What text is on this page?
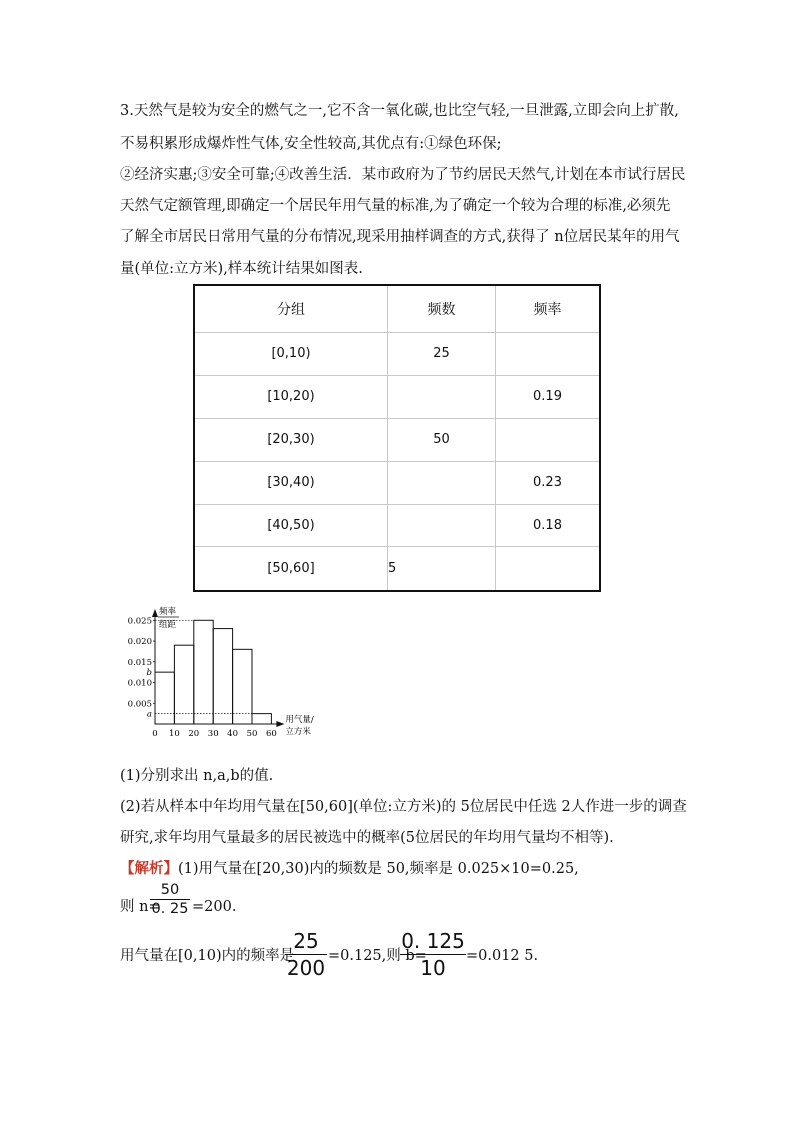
3.天然气是较为安全的燃气之一,它不含一氧化碳,也比空气轻,一旦泄露,立即会向上扩散,
不易积累形成爆炸性气体,安全性较高,其优点有:①绿色环保;
②经济实惠;③安全可靠;④改善生活．某市政府为了节约居民天然气,计划在本市试行居民
天然气定额管理,即确定一个居民年用气量的标准,为了确定一个较为合理的标准,必须先
了解全市居民日常用气量的分布情况,现采用抽样调查的方式,获得了 n位居民某年的用气
量(单位:立方米),样本统计结果如图表.
分组	频数	频率
[0,10)	25	
[10,20)		0.19
[20,30)	50	
[30,40)		0.23
[40,50)		0.18
[50,60]	5	
b
a
0.005
0.010
0.015
0.020
0.025
0 10 20 30 40 50 60
频率
组距
用气量/
立方米
(1)分别求出 n,a,b的值.
(2)若从样本中年均用气量在[50,60](单位:立方米)的 5位居民中任选 2人作进一步的调查
研究,求年均用气量最多的居民被选中的概率(5位居民的年均用气量均不相等).
【解析】(1)用气量在[20,30)内的频数是 50,频率是 0.025×10=0.25,
则 n=
50
0. 25 =200.
用气量在[0,10)内的频率是
25
200 =0.125,则 b=
0. 125
10	=0.012 5.
